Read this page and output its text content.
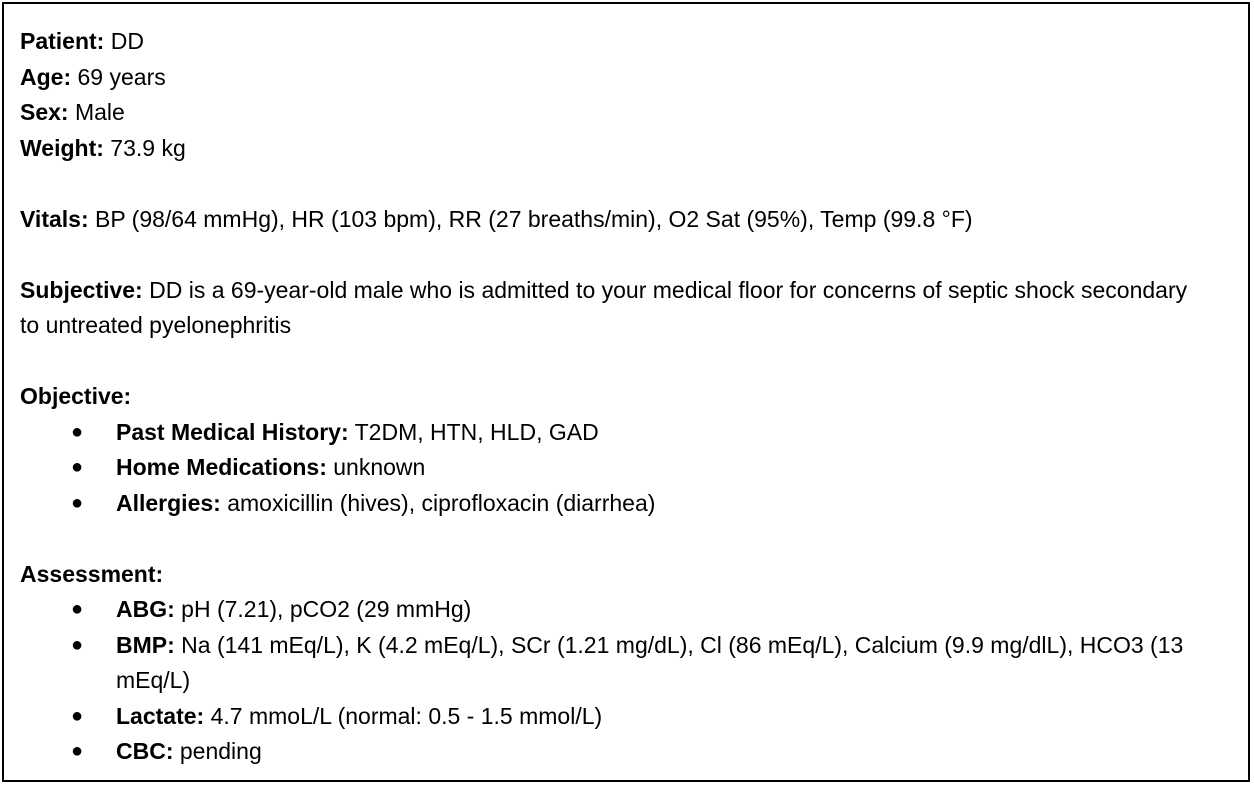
Patient: DD
Age: 69 years
Sex: Male
Weight: 73.9 kg
Vitals: BP (98/64 mmHg), HR (103 bpm), RR (27 breaths/min), O2 Sat (95%), Temp (99.8 °F)
Subjective: DD is a 69-year-old male who is admitted to your medical floor for concerns of septic shock secondary to untreated pyelonephritis
Objective:
● Past Medical History: T2DM, HTN, HLD, GAD
● Home Medications: unknown
● Allergies: amoxicillin (hives), ciprofloxacin (diarrhea)
Assessment:
● ABG: pH (7.21), pCO2 (29 mmHg)
● BMP: Na (141 mEq/L), K (4.2 mEq/L), SCr (1.21 mg/dL), Cl (86 mEq/L), Calcium (9.9 mg/dlL), HCO3 (13 mEq/L)
● Lactate: 4.7 mmoL/L (normal: 0.5 - 1.5 mmol/L)
● CBC: pending
